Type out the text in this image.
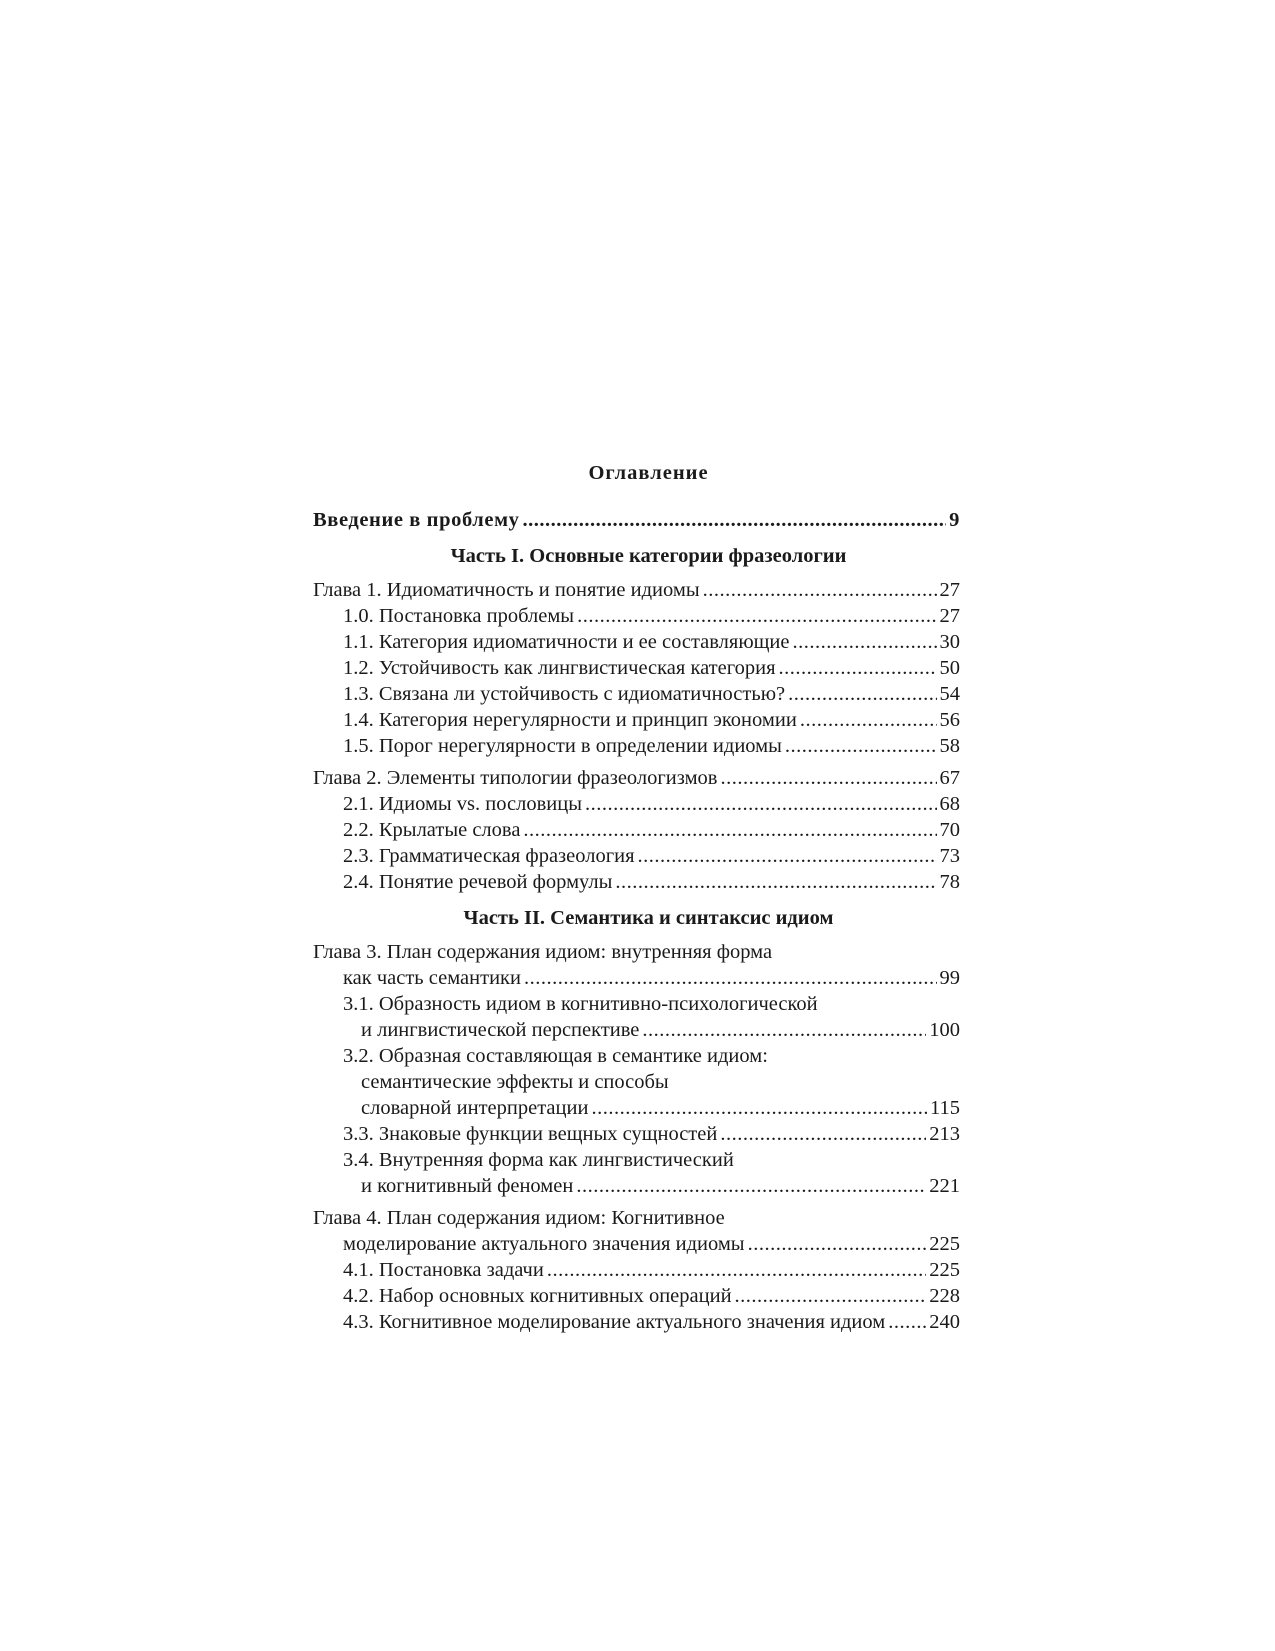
Оглавление
Введение в проблему .....	9
Часть I. Основные категории фразеологии
Глава 1. Идиоматичность и понятие идиомы .....	27
1.0. Постановка проблемы .....	27
1.1. Категория идиоматичности и ее составляющие .....	30
1.2. Устойчивость как лингвистическая категория .....	50
1.3. Связана ли устойчивость с идиоматичностью? .....	54
1.4. Категория нерегулярности и принцип экономии .....	56
1.5. Порог нерегулярности в определении идиомы .....	58
Глава 2. Элементы типологии фразеологизмов .....	67
2.1. Идиомы vs. пословицы .....	68
2.2. Крылатые слова .....	70
2.3. Грамматическая фразеология .....	73
2.4. Понятие речевой формулы .....	78
Часть II. Семантика и синтаксис идиом
Глава 3. План содержания идиом: внутренняя форма
как часть семантики .....	99
3.1. Образность идиом в когнитивно-психологической
и лингвистической перспективе .....	100
3.2. Образная составляющая в семантике идиом:
семантические эффекты и способы
словарной интерпретации .....	115
3.3. Знаковые функции вещных сущностей .....	213
3.4. Внутренняя форма как лингвистический
и когнитивный феномен .....	221
Глава 4. План содержания идиом: Когнитивное
моделирование актуального значения идиомы .....	225
4.1. Постановка задачи .....	225
4.2. Набор основных когнитивных операций .....	228
4.3. Когнитивное моделирование актуального значения идиом ..... 240
